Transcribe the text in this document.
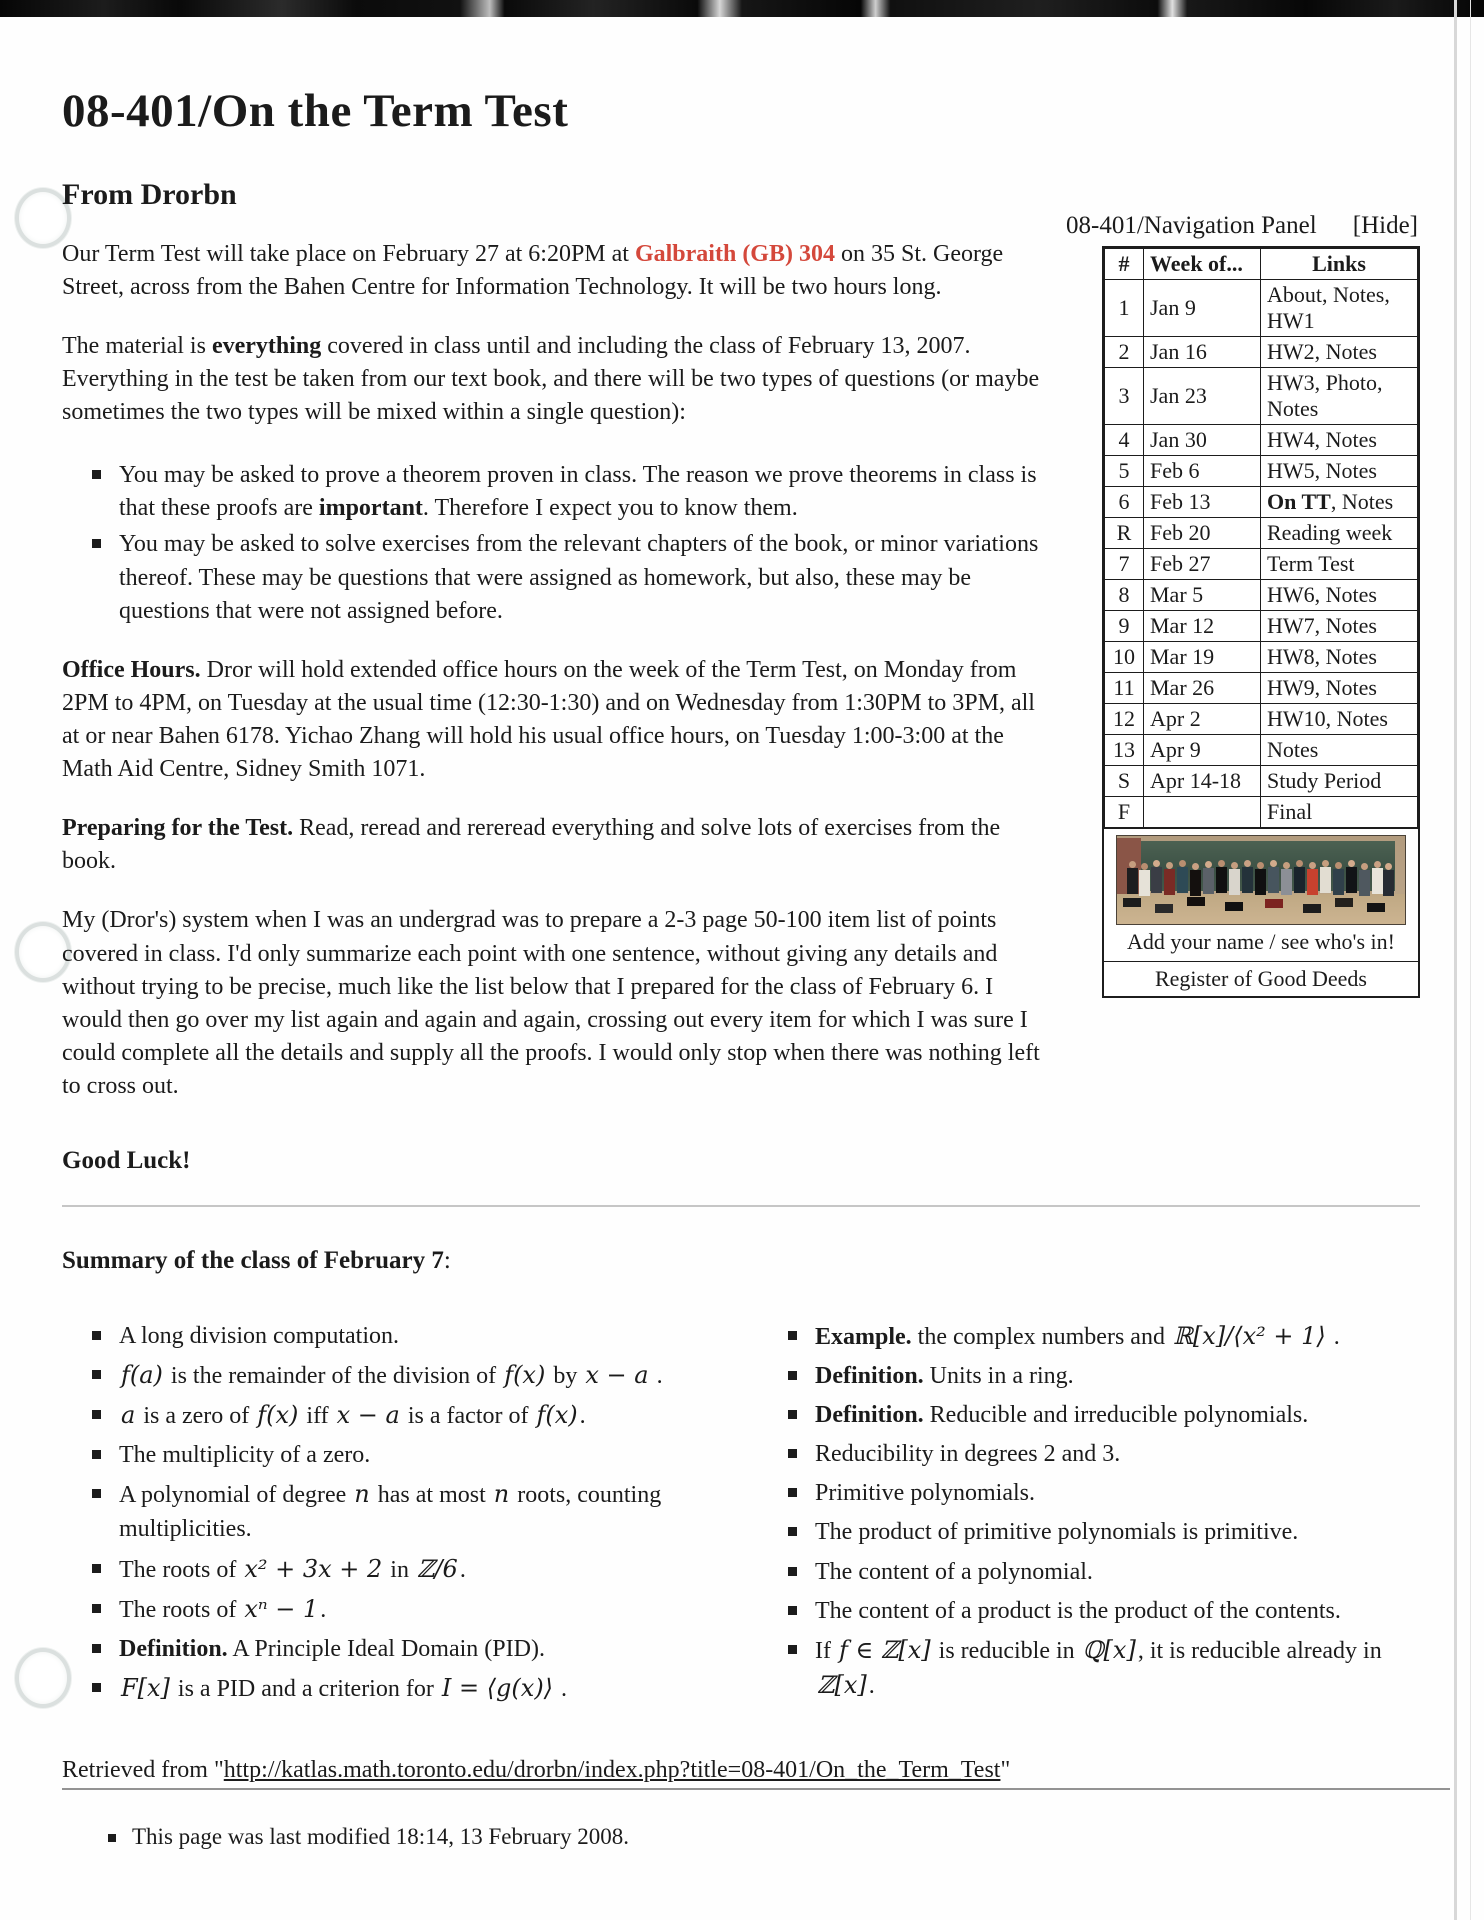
08-401/On the Term Test
From Drorbn
08-401/Navigation Panel [Hide]
#	Week of...	Links
1	Jan 9	About, Notes, HW1
2	Jan 16	HW2, Notes
3	Jan 23	HW3, Photo, Notes
4	Jan 30	HW4, Notes
5	Feb 6	HW5, Notes
6	Feb 13	On TT, Notes
R	Feb 20	Reading week
7	Feb 27	Term Test
8	Mar 5	HW6, Notes
9	Mar 12	HW7, Notes
10	Mar 19	HW8, Notes
11	Mar 26	HW9, Notes
12	Apr 2	HW10, Notes
13	Apr 9	Notes
S	Apr 14-18	Study Period
F		Final
Add your name / see who's in!
Register of Good Deeds

Our Term Test will take place on February 27 at 6:20PM at Galbraith (GB) 304 on 35 St. George Street, across from the Bahen Centre for Information Technology. It will be two hours long.

The material is everything covered in class until and including the class of February 13, 2007. Everything in the test be taken from our text book, and there will be two types of questions (or maybe sometimes the two types will be mixed within a single question):

You may be asked to prove a theorem proven in class. The reason we prove theorems in class is that these proofs are important. Therefore I expect you to know them.
You may be asked to solve exercises from the relevant chapters of the book, or minor variations thereof. These may be questions that were assigned as homework, but also, these may be questions that were not assigned before.

Office Hours. Dror will hold extended office hours on the week of the Term Test, on Monday from 2PM to 4PM, on Tuesday at the usual time (12:30-1:30) and on Wednesday from 1:30PM to 3PM, all at or near Bahen 6178. Yichao Zhang will hold his usual office hours, on Tuesday 1:00-3:00 at the Math Aid Centre, Sidney Smith 1071.

Preparing for the Test. Read, reread and rereread everything and solve lots of exercises from the book.

My (Dror's) system when I was an undergrad was to prepare a 2-3 page 50-100 item list of points covered in class. I'd only summarize each point with one sentence, without giving any details and without trying to be precise, much like the list below that I prepared for the class of February 6. I would then go over my list again and again and again, crossing out every item for which I was sure I could complete all the details and supply all the proofs. I would only stop when there was nothing left to cross out.

Good Luck!

Summary of the class of February 7:

A long division computation.
f(a) is the remainder of the division of f(x) by x − a .
a is a zero of f(x) iff x − a is a factor of f(x).
The multiplicity of a zero.
A polynomial of degree n has at most n roots, counting multiplicities.
The roots of x² + 3x + 2 in ℤ/6.
The roots of xⁿ − 1.
Definition. A Principle Ideal Domain (PID).
F[x] is a PID and a criterion for I = ⟨g(x)⟩ .
Example. the complex numbers and ℝ[x]/⟨x² + 1⟩ .
Definition. Units in a ring.
Definition. Reducible and irreducible polynomials.
Reducibility in degrees 2 and 3.
Primitive polynomials.
The product of primitive polynomials is primitive.
The content of a polynomial.
The content of a product is the product of the contents.
If f ∈ ℤ[x] is reducible in ℚ[x], it is reducible already in ℤ[x].
Retrieved from "http://katlas.math.toronto.edu/drorbn/index.php?title=08-401/On_the_Term_Test"
This page was last modified 18:14, 13 February 2008.
